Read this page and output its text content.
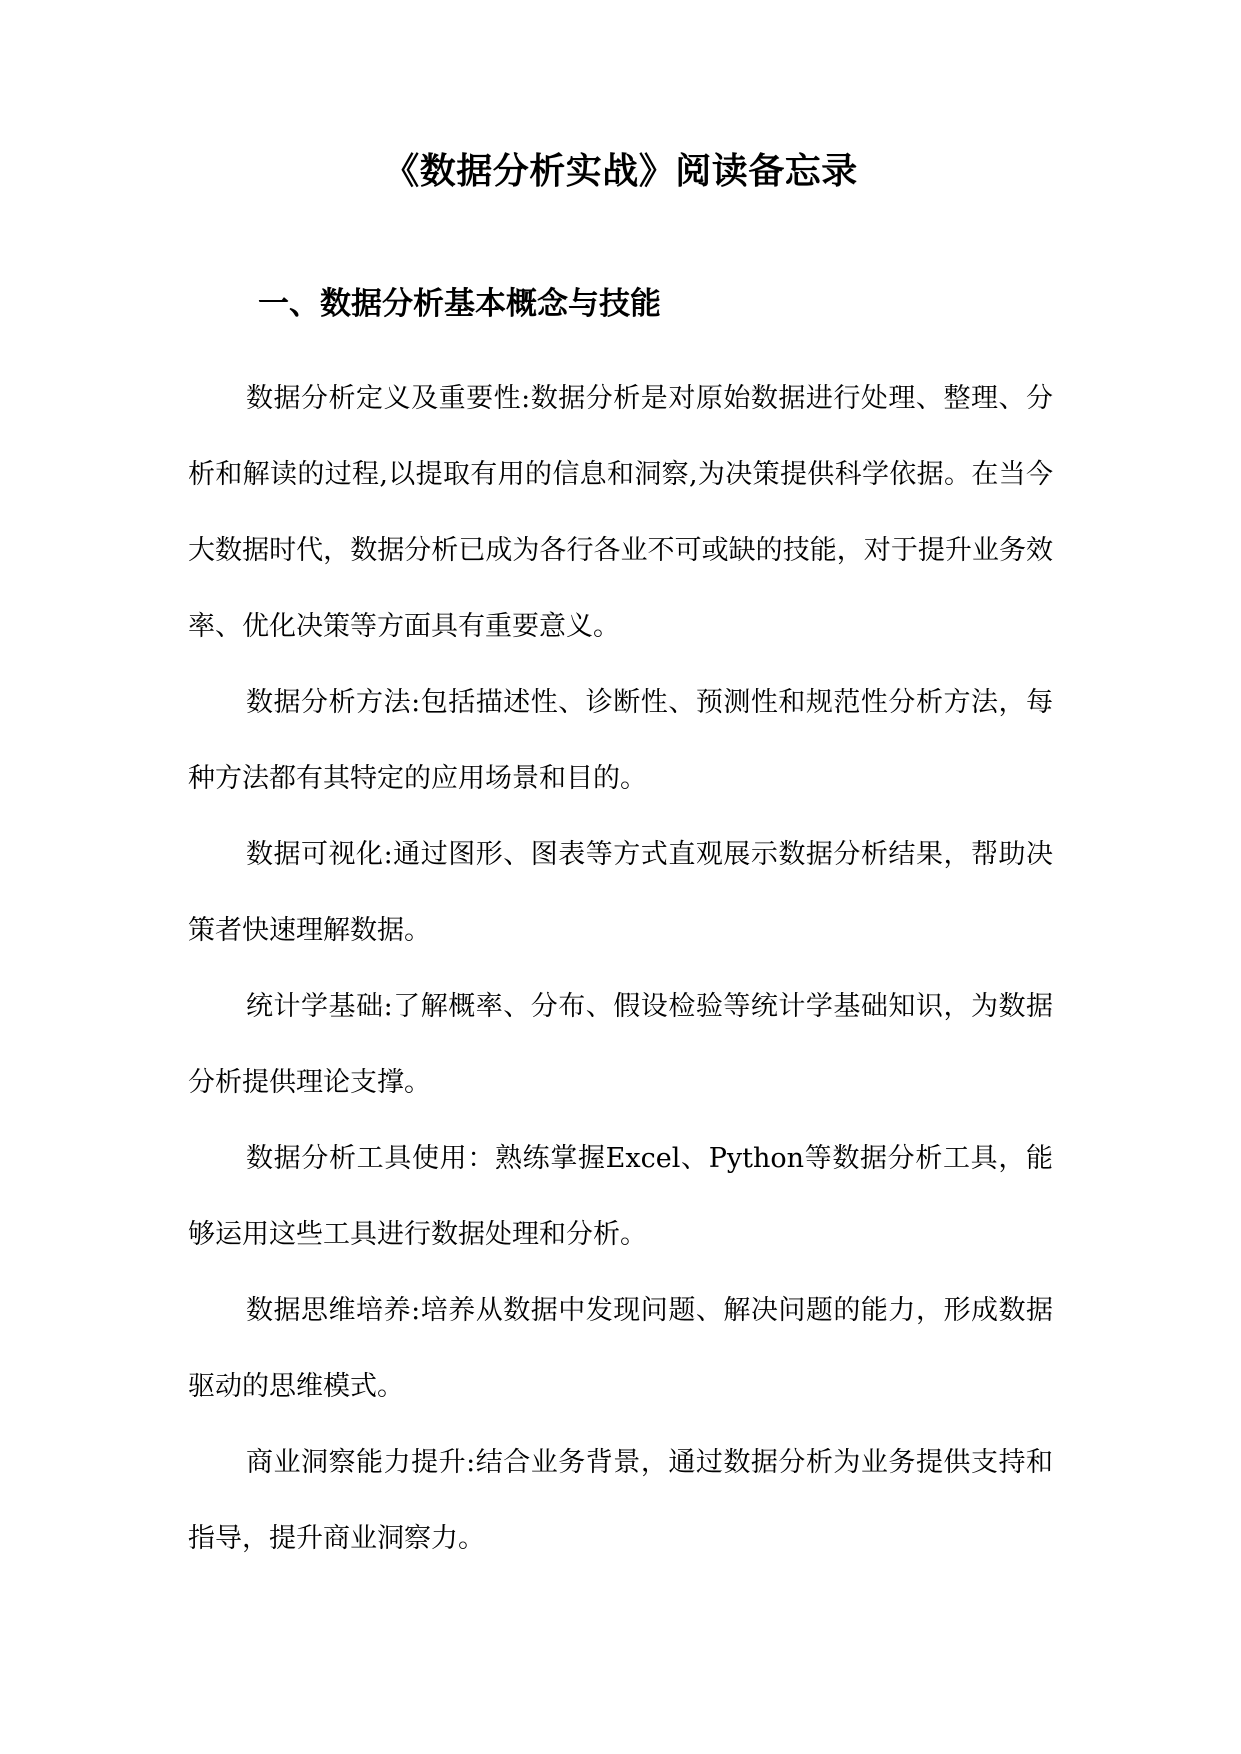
《数据分析实战》阅读备忘录
一、数据分析基本概念与技能

数据分析定义及重要性:数据分析是对原始数据进行处理、整理、分析和解读的过程,以提取有用的信息和洞察,为决策提供科学依据。在当今大数据时代，数据分析已成为各行各业不可或缺的技能，对于提升业务效率、优化决策等方面具有重要意义。

数据分析方法:包括描述性、诊断性、预测性和规范性分析方法，每种方法都有其特定的应用场景和目的。

数据可视化:通过图形、图表等方式直观展示数据分析结果，帮助决策者快速理解数据。

统计学基础:了解概率、分布、假设检验等统计学基础知识，为数据分析提供理论支撑。

数据分析工具使用：熟练掌握Excel、Python等数据分析工具，能够运用这些工具进行数据处理和分析。

数据思维培养:培养从数据中发现问题、解决问题的能力，形成数据驱动的思维模式。

商业洞察能力提升:结合业务背景，通过数据分析为业务提供支持和指导，提升商业洞察力。
